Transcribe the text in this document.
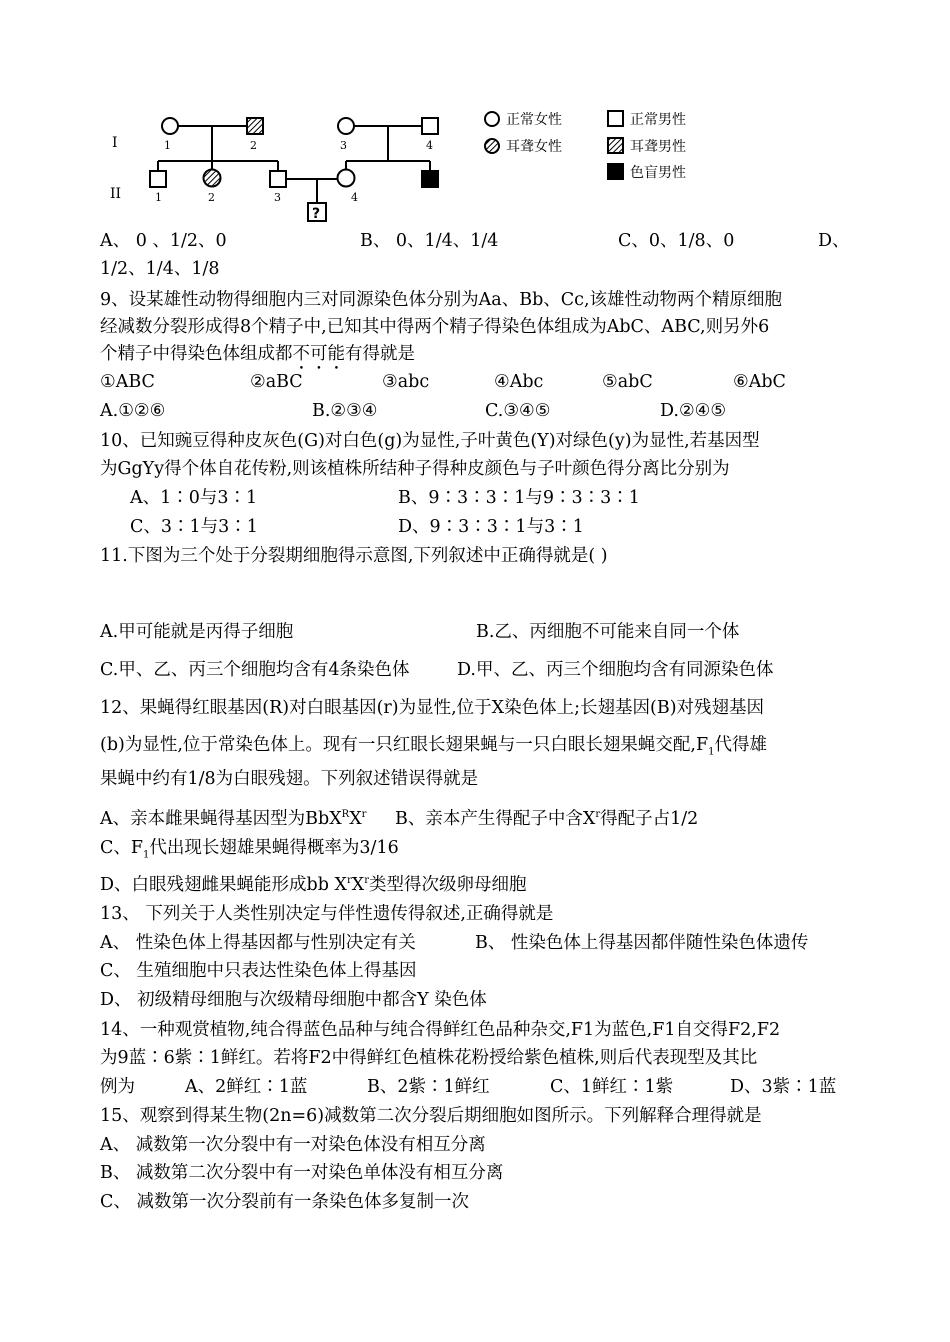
I
II
?
1	2	3	4
1	2	3	4
正常女性
耳聋女性
正常男性
耳聋男性
色盲男性
A、 0 、1/2、0	B、 0、1/4、1/4	C、0、1/8、0	D、
1/2、1/4、1/8
9、设某雄性动物得细胞内三对同源染色体分别为Aa、Bb、Cc,该雄性动物两个精原细胞
经减数分裂形成得8个精子中,已知其中得两个精子得染色体组成为AbC、ABC,则另外6
个精子中得染色体组成都不可能有得就是
①ABC	②aBC	③abc	④Abc	⑤abC	⑥AbC
A.①②⑥	B.②③④	C.③④⑤	D.②④⑤
10、已知豌豆得种皮灰色(G)对白色(g)为显性,子叶黄色(Y)对绿色(y)为显性,若基因型
为GgYy得个体自花传粉,则该植株所结种子得种皮颜色与子叶颜色得分离比分别为
A、1∶0与3∶1	B、9∶3∶3∶1与9∶3∶3∶1
C、3∶1与3∶1	D、9∶3∶3∶1与3∶1
11.下图为三个处于分裂期细胞得示意图,下列叙述中正确得就是( )
A.甲可能就是丙得子细胞	B.乙、丙细胞不可能来自同一个体
C.甲、乙、丙三个细胞均含有4条染色体	D.甲、乙、丙三个细胞均含有同源染色体
12、果蝇得红眼基因(R)对白眼基因(r)为显性,位于X染色体上;长翅基因(B)对残翅基因
(b)为显性,位于常染色体上。现有一只红眼长翅果蝇与一只白眼长翅果蝇交配$,F_1$代得雄
果蝇中约有1/8为白眼残翅。下列叙述错误得就是
A、亲本雌果蝇得基因型为$BbX^RX^r$ B、亲本产生得配子中含$X^r$得配子占1/2
C、$F_1$代出现长翅雄果蝇得概率为3/16
D、白眼残翅雌果蝇能形成bb $X^rX^r$类型得次级卵母细胞
13、 下列关于人类性别决定与伴性遗传得叙述,正确得就是
A、 性染色体上得基因都与性别决定有关	B、 性染色体上得基因都伴随性染色体遗传
C、 生殖细胞中只表达性染色体上得基因
D、 初级精母细胞与次级精母细胞中都含Y 染色体
14、一种观赏植物,纯合得蓝色品种与纯合得鲜红色品种杂交,F1为蓝色,F1自交得F2,F2
为9蓝∶6紫∶1鲜红。若将F2中得鲜红色植株花粉授给紫色植株,则后代表现型及其比
例为	A、2鲜红∶1蓝	B、2紫∶1鲜红	C、1鲜红∶1紫	D、3紫∶1蓝
15、观察到得某生物(2n=6)减数第二次分裂后期细胞如图所示。下列解释合理得就是
A、 减数第一次分裂中有一对染色体没有相互分离
B、 减数第二次分裂中有一对染色单体没有相互分离
C、 减数第一次分裂前有一条染色体多复制一次
